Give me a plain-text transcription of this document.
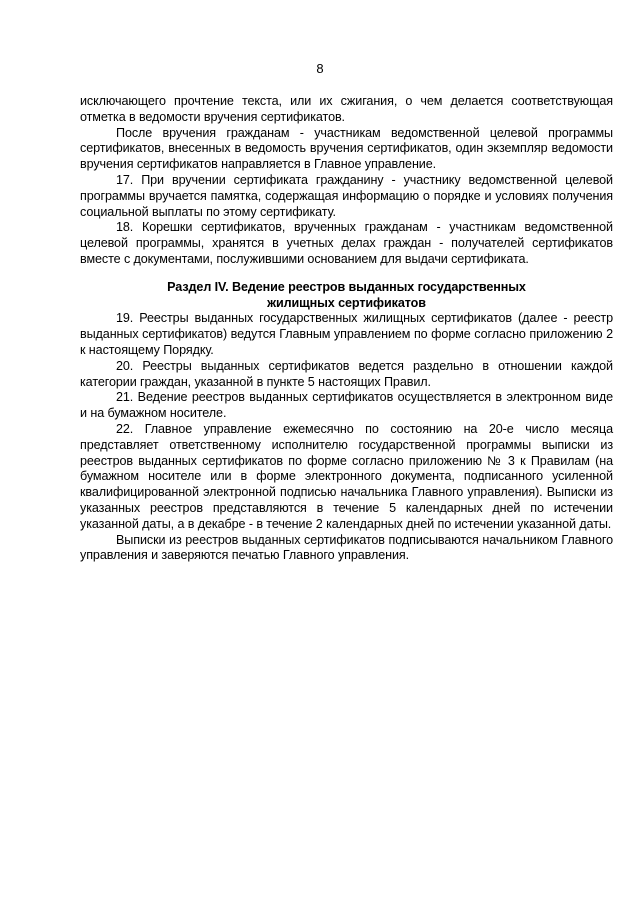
8

исключающего прочтение текста, или их сжигания, о чем делается соответствующая отметка в ведомости вручения сертификатов.

После вручения гражданам - участникам ведомственной целевой программы сертификатов, внесенных в ведомость вручения сертификатов, один экземпляр ведомости вручения сертификатов направляется в Главное управление.

17. При вручении сертификата гражданину - участнику ведомственной целевой программы вручается памятка, содержащая информацию о порядке и условиях получения социальной выплаты по этому сертификату.

18. Корешки сертификатов, врученных гражданам - участникам ведомственной целевой программы, хранятся в учетных делах граждан - получателей сертификатов вместе с документами, послужившими основанием для выдачи сертификата.

Раздел IV. Ведение реестров выданных государственных
жилищных сертификатов

19. Реестры выданных государственных жилищных сертификатов (далее - реестр выданных сертификатов) ведутся Главным управлением по форме согласно приложению 2 к настоящему Порядку.

20. Реестры выданных сертификатов ведется раздельно в отношении каждой категории граждан, указанной в пункте 5 настоящих Правил.

21. Ведение реестров выданных сертификатов осуществляется в электронном виде и на бумажном носителе.

22. Главное управление ежемесячно по состоянию на 20-е число месяца представляет ответственному исполнителю государственной программы выписки из реестров выданных сертификатов по форме согласно приложению № 3 к Правилам (на бумажном носителе или в форме электронного документа, подписанного усиленной квалифицированной электронной подписью начальника Главного управления). Выписки из указанных реестров представляются в течение 5 календарных дней по истечении указанной даты, а в декабре - в течение 2 календарных дней по истечении указанной даты.

Выписки из реестров выданных сертификатов подписываются начальником Главного управления и заверяются печатью Главного управления.
